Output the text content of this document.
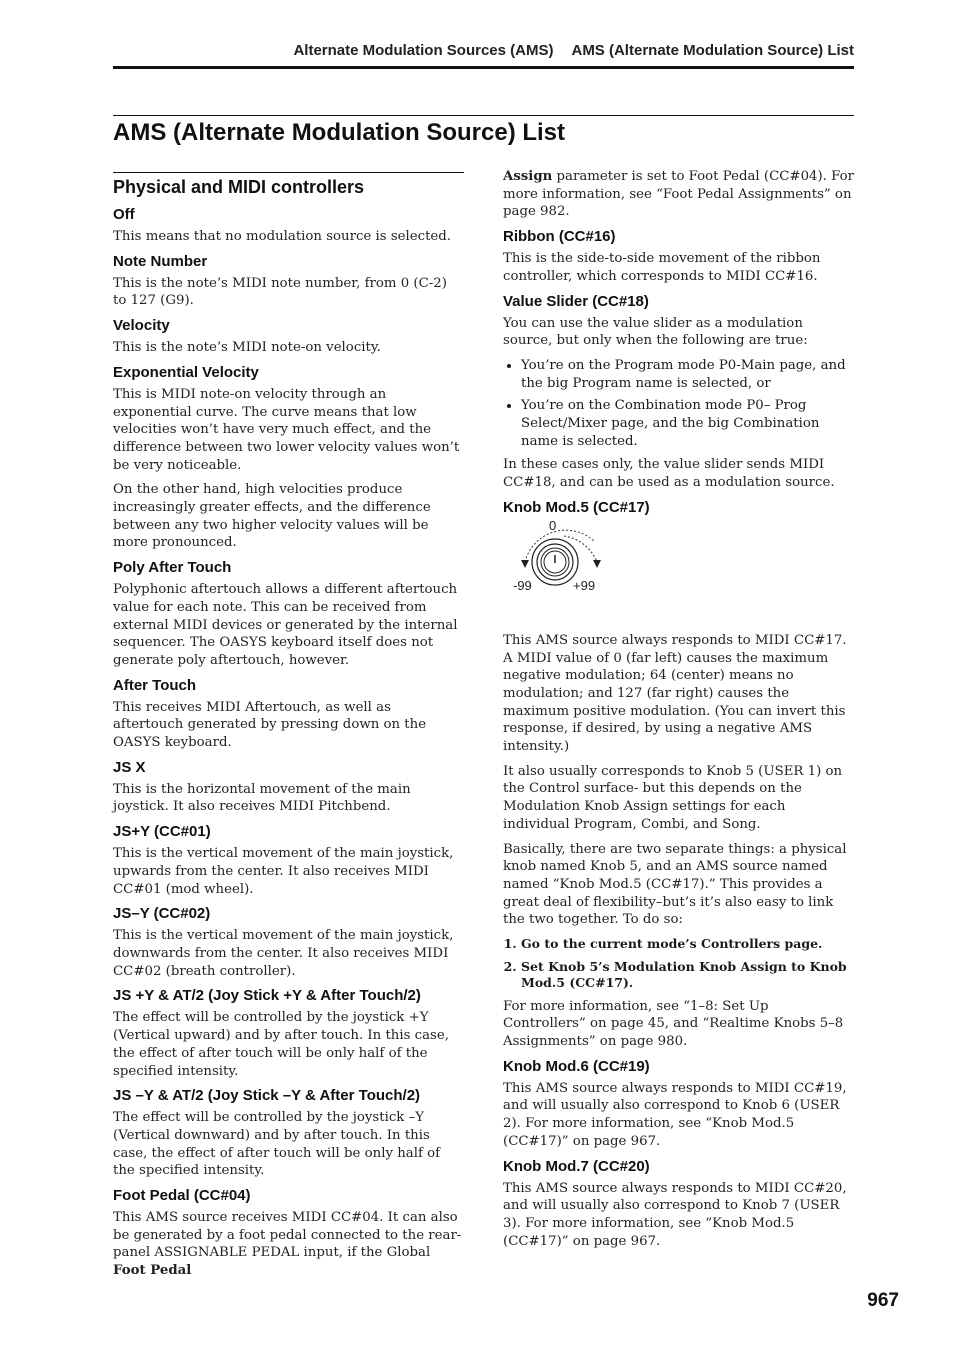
Alternate Modulation Sources (AMS) AMS (Alternate Modulation Source) List
AMS (Alternate Modulation Source) List
Physical and MIDI controllers
Off

This means that no modulation source is selected.

Note Number

This is the note’s MIDI note number, from 0 (C-2) to 127 (G9).

Velocity

This is the note’s MIDI note-on velocity.

Exponential Velocity

This is MIDI note-on velocity through an exponential curve. The curve means that low velocities won’t have very much effect, and the difference between two lower velocity values won’t be very noticeable.

On the other hand, high velocities produce increasingly greater effects, and the difference between any two higher velocity values will be more pronounced.

Poly After Touch

Polyphonic aftertouch allows a different aftertouch value for each note. This can be received from external MIDI devices or generated by the internal sequencer. The OASYS keyboard itself does not generate poly aftertouch, however.

After Touch

This receives MIDI Aftertouch, as well as aftertouch generated by pressing down on the OASYS keyboard.

JS X

This is the horizontal movement of the main joystick. It also receives MIDI Pitchbend.

JS+Y (CC#01)

This is the vertical movement of the main joystick, upwards from the center. It also receives MIDI CC#01 (mod wheel).

JS–Y (CC#02)

This is the vertical movement of the main joystick, downwards from the center. It also receives MIDI CC#02 (breath controller).

JS +Y & AT/2 (Joy Stick +Y & After Touch/2)

The effect will be controlled by the joystick +Y (Vertical upward) and by after touch. In this case, the effect of after touch will be only half of the specified intensity.

JS –Y & AT/2 (Joy Stick –Y & After Touch/2)

The effect will be controlled by the joystick –Y (Vertical downward) and by after touch. In this case, the effect of after touch will be only half of the specified intensity.

Foot Pedal (CC#04)

This AMS source receives MIDI CC#04. It can also be generated by a foot pedal connected to the rear-panel ASSIGNABLE PEDAL input, if the Global Foot Pedal

Assign parameter is set to Foot Pedal (CC#04). For more information, see “Foot Pedal Assignments” on page 982.

Ribbon (CC#16)

This is the side-to-side movement of the ribbon controller, which corresponds to MIDI CC#16.

Value Slider (CC#18)

You can use the value slider as a modulation source, but only when the following are true:

• You’re on the Program mode P0-Main page, and the big Program name is selected, or
• You’re on the Combination mode P0– Prog Select/Mixer page, and the big Combination name is selected.

In these cases only, the value slider sends MIDI CC#18, and can be used as a modulation source.

Knob Mod.5 (CC#17)
0
-99	+99

This AMS source always responds to MIDI CC#17. A MIDI value of 0 (far left) causes the maximum negative modulation; 64 (center) means no modulation; and 127 (far right) causes the maximum positive modulation. (You can invert this response, if desired, by using a negative AMS intensity.)

It also usually corresponds to Knob 5 (USER 1) on the Control surface- but this depends on the Modulation Knob Assign settings for each individual Program, Combi, and Song.

Basically, there are two separate things: a physical knob named Knob 5, and an AMS source named named “Knob Mod.5 (CC#17).” This provides a great deal of flexibility–but’s it’s also easy to link the two together. To do so:

1. Go to the current mode’s Controllers page.
2. Set Knob 5’s Modulation Knob Assign to Knob Mod.5 (CC#17).

For more information, see “1–8: Set Up Controllers” on page 45, and “Realtime Knobs 5–8 Assignments” on page 980.

Knob Mod.6 (CC#19)

This AMS source always responds to MIDI CC#19, and will usually also correspond to Knob 6 (USER 2). For more information, see “Knob Mod.5 (CC#17)” on page 967.

Knob Mod.7 (CC#20)

This AMS source always responds to MIDI CC#20, and will usually also correspond to Knob 7 (USER 3). For more information, see “Knob Mod.5 (CC#17)” on page 967.

967
